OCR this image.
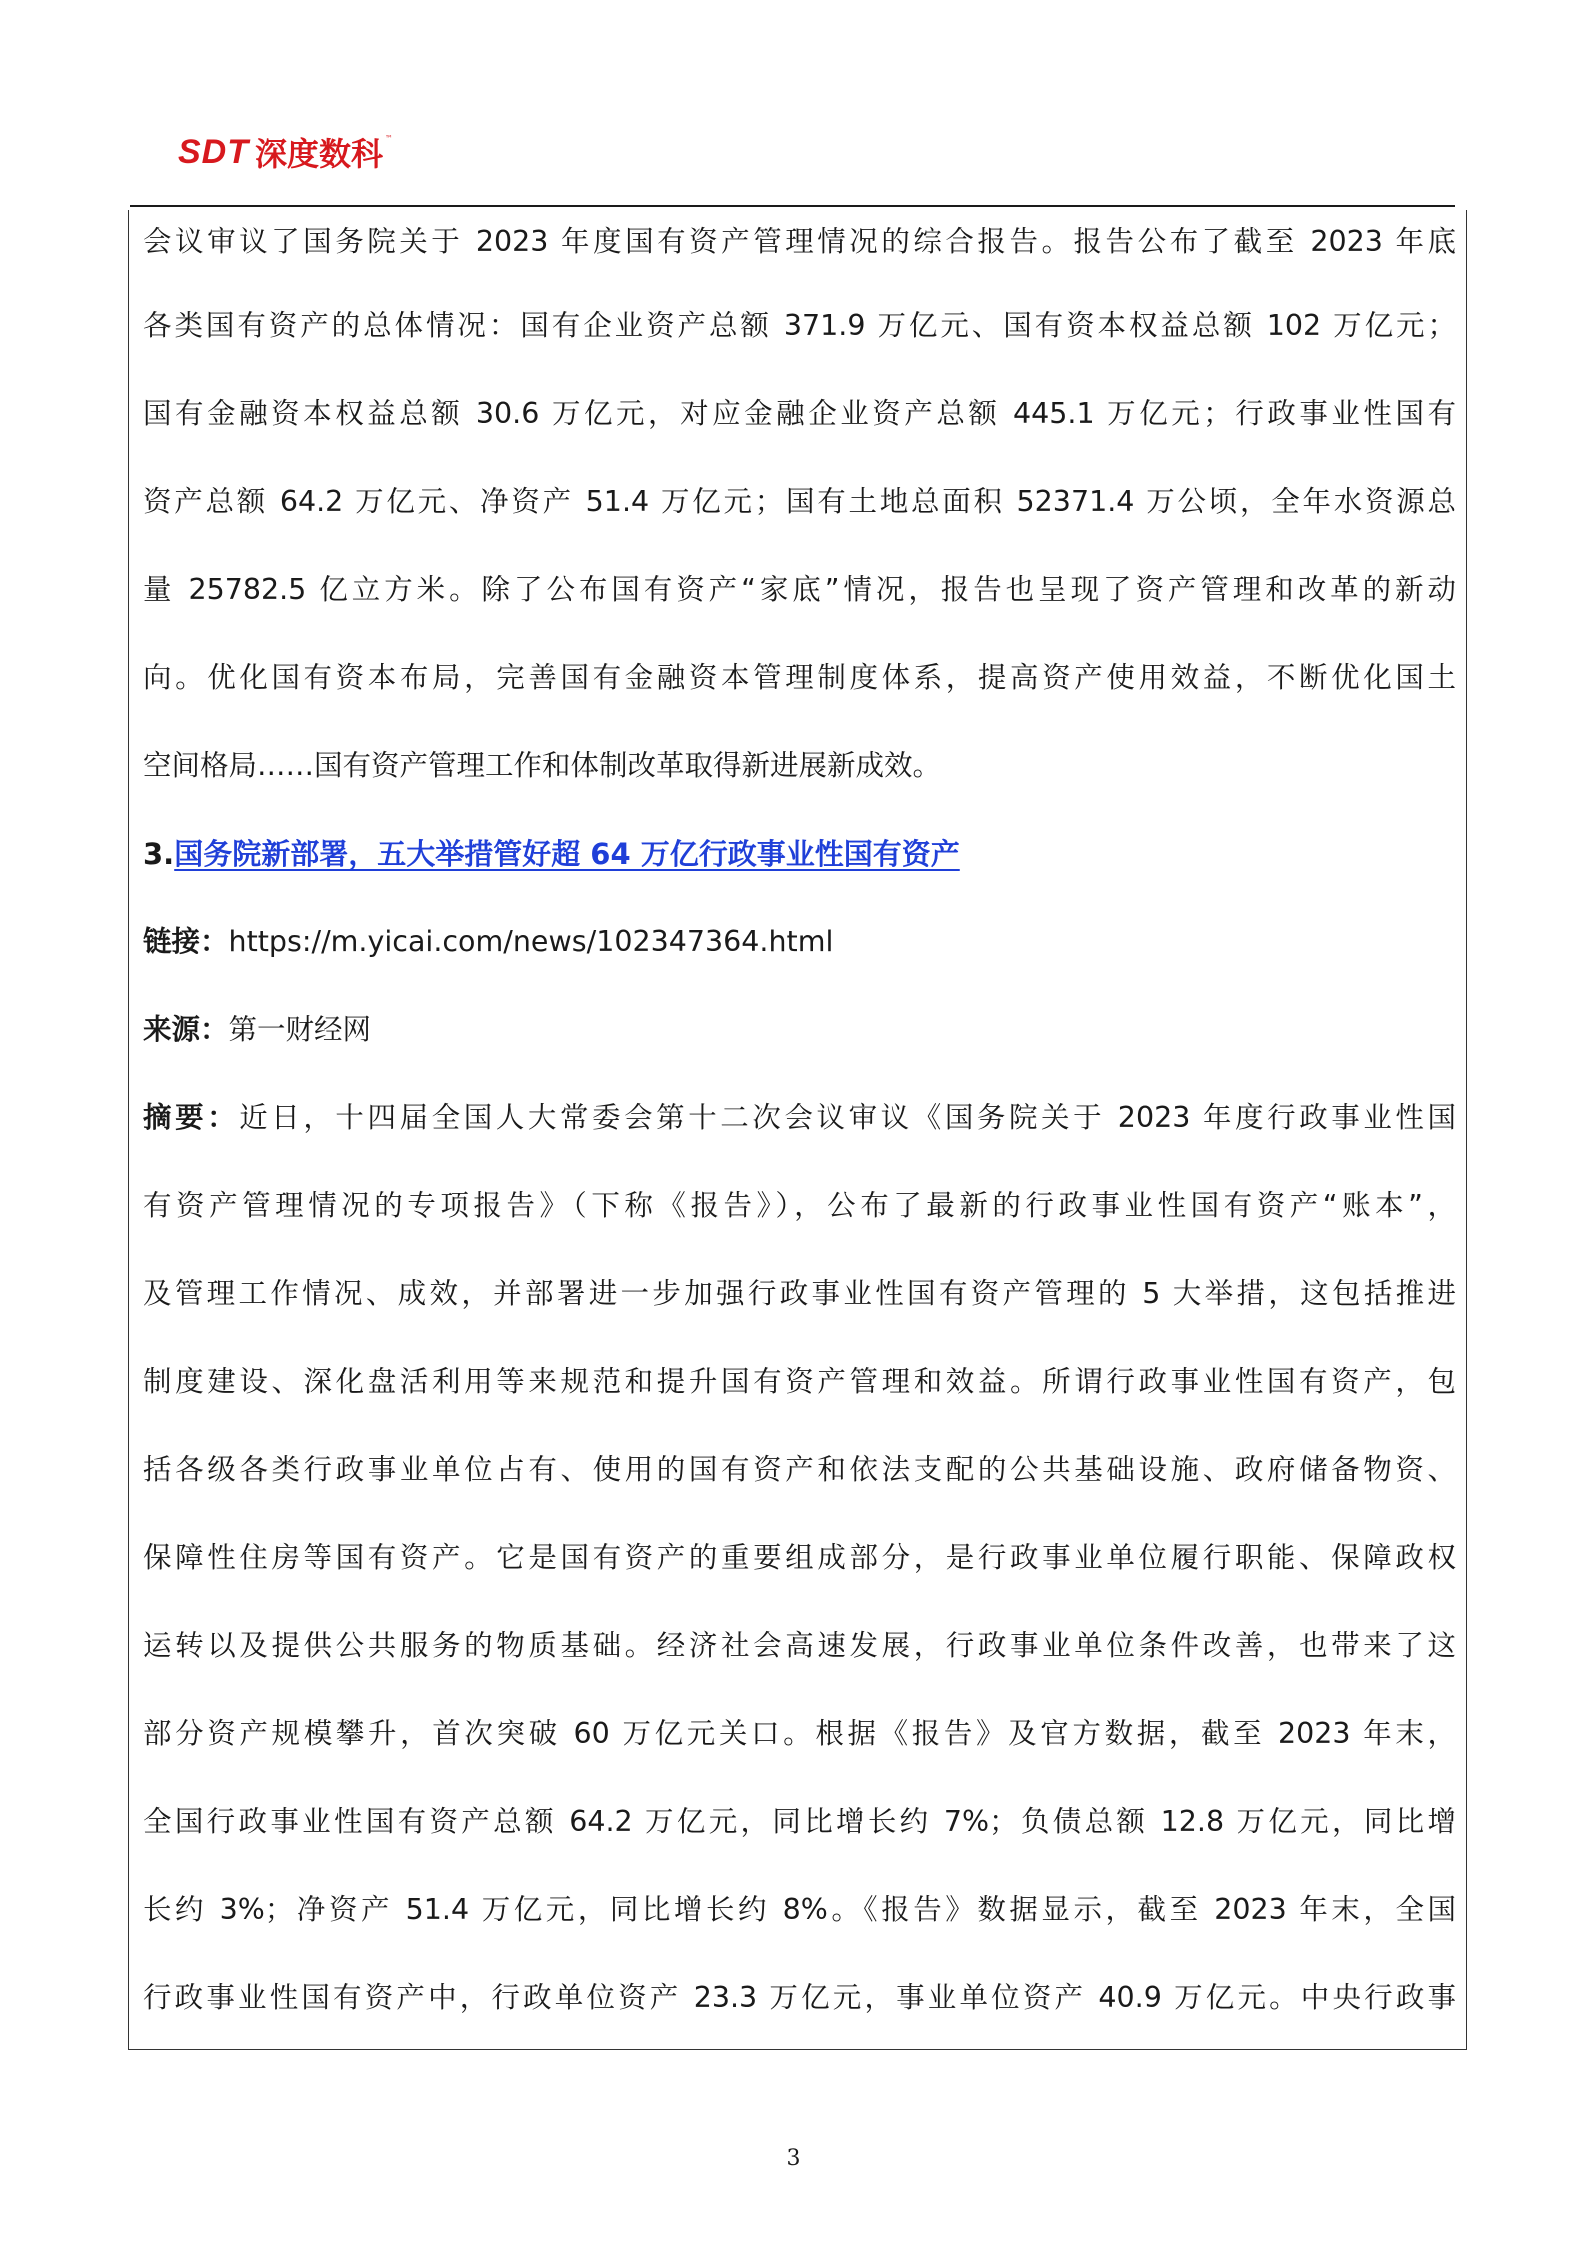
SDT 深度数科 ™
会议审议了国务院关于 2023 年度国有资产管理情况的综合报告。报告公布了截至 2023 年底
各类国有资产的总体情况：国有企业资产总额 371.9 万亿元、国有资本权益总额 102 万亿元；
国有金融资本权益总额 30.6 万亿元，对应金融企业资产总额 445.1 万亿元；行政事业性国有
资产总额 64.2 万亿元、净资产 51.4 万亿元；国有土地总面积 52371.4 万公顷，全年水资源总
量 25782.5 亿立方米。除了公布国有资产“家底”情况，报告也呈现了资产管理和改革的新动
向。优化国有资本布局，完善国有金融资本管理制度体系，提高资产使用效益，不断优化国土
空间格局……国有资产管理工作和体制改革取得新进展新成效。
3.国务院新部署，五大举措管好超 64 万亿行政事业性国有资产
链接：https://m.yicai.com/news/102347364.html
来源：第一财经网
摘要：近日，十四届全国人大常委会第十二次会议审议《国务院关于 2023 年度行政事业性国
有资产管理情况的专项报告》（下称《报告》），公布了最新的行政事业性国有资产“账本”，
及管理工作情况、成效，并部署进一步加强行政事业性国有资产管理的 5 大举措，这包括推进
制度建设、深化盘活利用等来规范和提升国有资产管理和效益。所谓行政事业性国有资产，包
括各级各类行政事业单位占有、使用的国有资产和依法支配的公共基础设施、政府储备物资、
保障性住房等国有资产。它是国有资产的重要组成部分，是行政事业单位履行职能、保障政权
运转以及提供公共服务的物质基础。经济社会高速发展，行政事业单位条件改善，也带来了这
部分资产规模攀升，首次突破 60 万亿元关口。根据《报告》及官方数据，截至 2023 年末，
全国行政事业性国有资产总额 64.2 万亿元，同比增长约 7%；负债总额 12.8 万亿元，同比增
长约 3%；净资产 51.4 万亿元，同比增长约 8%。《报告》数据显示，截至 2023 年末，全国
行政事业性国有资产中，行政单位资产 23.3 万亿元，事业单位资产 40.9 万亿元。中央行政事
3
